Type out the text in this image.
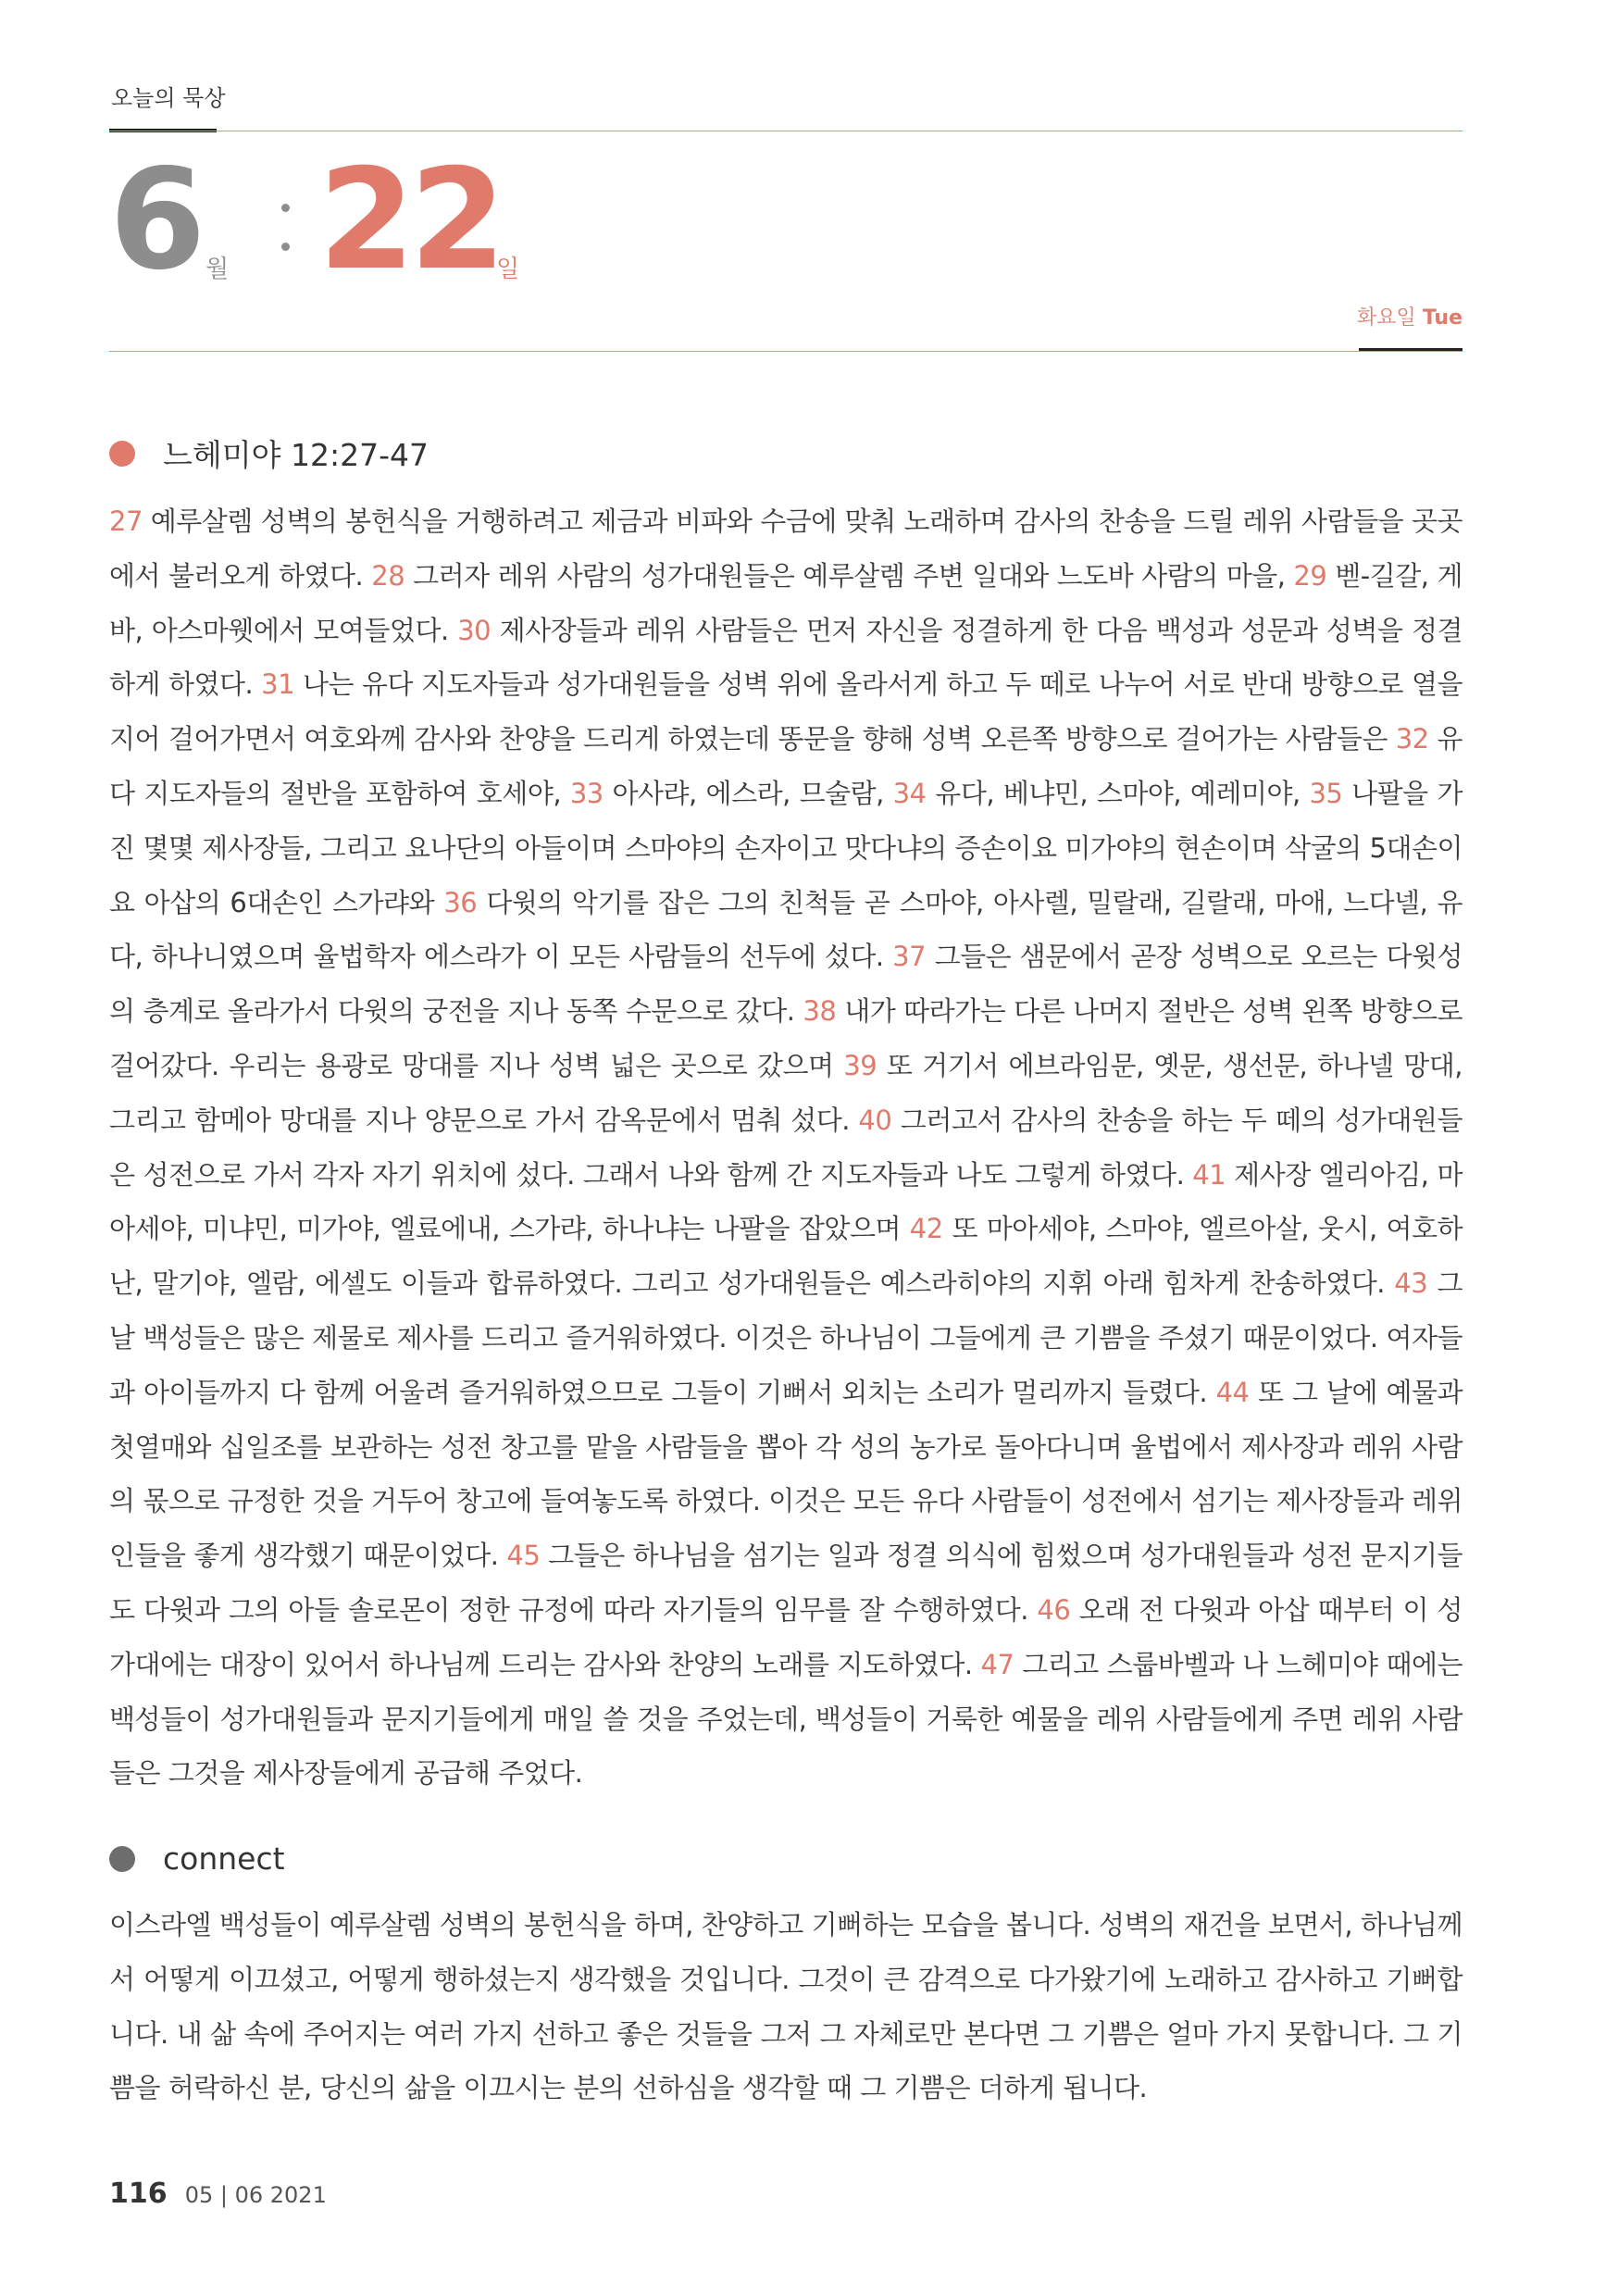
오늘의 묵상
6 월 22
일
화요일 Tue
느헤미야 12:27-47
27 예루살렘 성벽의 봉헌식을 거행하려고 제금과 비파와 수금에 맞춰 노래하며 감사의 찬송을 드릴 레위 사람들을 곳곳에서 불러오게 하였다. 28 그러자 레위 사람의 성가대원들은 예루살렘 주변 일대와 느도바 사람의 마을, 29 벧-길갈, 게바, 아스마웻에서 모여들었다. 30 제사장들과 레위 사람들은 먼저 자신을 정결하게 한 다음 백성과 성문과 성벽을 정결하게 하였다. 31 나는 유다 지도자들과 성가대원들을 성벽 위에 올라서게 하고 두 떼로 나누어 서로 반대 방향으로 열을 지어 걸어가면서 여호와께 감사와 찬양을 드리게 하였는데 똥문을 향해 성벽 오른쪽 방향으로 걸어가는 사람들은 32 유다 지도자들의 절반을 포함하여 호세야, 33 아사랴, 에스라, 므술람, 34 유다, 베냐민, 스마야, 예레미야, 35 나팔을 가진 몇몇 제사장들, 그리고 요나단의 아들이며 스마야의 손자이고 맛다냐의 증손이요 미가야의 현손이며 삭굴의 5대손이요 아삽의 6대손인 스가랴와 36 다윗의 악기를 잡은 그의 친척들 곧 스마야, 아사렐, 밀랄래, 길랄래, 마애, 느다넬, 유다, 하나니였으며 율법학자 에스라가 이 모든 사람들의 선두에 섰다. 37 그들은 샘문에서 곧장 성벽으로 오르는 다윗성의 층계로 올라가서 다윗의 궁전을 지나 동쪽 수문으로 갔다. 38 내가 따라가는 다른 나머지 절반은 성벽 왼쪽 방향으로 걸어갔다. 우리는 용광로 망대를 지나 성벽 넓은 곳으로 갔으며 39 또 거기서 에브라임문, 옛문, 생선문, 하나넬 망대, 그리고 함메아 망대를 지나 양문으로 가서 감옥문에서 멈춰 섰다. 40 그러고서 감사의 찬송을 하는 두 떼의 성가대원들은 성전으로 가서 각자 자기 위치에 섰다. 그래서 나와 함께 간 지도자들과 나도 그렇게 하였다. 41 제사장 엘리아김, 마아세야, 미냐민, 미가야, 엘료에내, 스가랴, 하나냐는 나팔을 잡았으며 42 또 마아세야, 스마야, 엘르아살, 웃시, 여호하난, 말기야, 엘람, 에셀도 이들과 합류하였다. 그리고 성가대원들은 예스라히야의 지휘 아래 힘차게 찬송하였다. 43 그 날 백성들은 많은 제물로 제사를 드리고 즐거워하였다. 이것은 하나님이 그들에게 큰 기쁨을 주셨기 때문이었다. 여자들과 아이들까지 다 함께 어울려 즐거워하였으므로 그들이 기뻐서 외치는 소리가 멀리까지 들렸다. 44 또 그 날에 예물과 첫열매와 십일조를 보관하는 성전 창고를 맡을 사람들을 뽑아 각 성의 농가로 돌아다니며 율법에서 제사장과 레위 사람의 몫으로 규정한 것을 거두어 창고에 들여놓도록 하였다. 이것은 모든 유다 사람들이 성전에서 섬기는 제사장들과 레위인들을 좋게 생각했기 때문이었다. 45 그들은 하나님을 섬기는 일과 정결 의식에 힘썼으며 성가대원들과 성전 문지기들도 다윗과 그의 아들 솔로몬이 정한 규정에 따라 자기들의 임무를 잘 수행하였다. 46 오래 전 다윗과 아삽 때부터 이 성가대에는 대장이 있어서 하나님께 드리는 감사와 찬양의 노래를 지도하였다. 47 그리고 스룹바벨과 나 느헤미야 때에는 백성들이 성가대원들과 문지기들에게 매일 쓸 것을 주었는데, 백성들이 거룩한 예물을 레위 사람들에게 주면 레위 사람들은 그것을 제사장들에게 공급해 주었다.
connect
이스라엘 백성들이 예루살렘 성벽의 봉헌식을 하며, 찬양하고 기뻐하는 모습을 봅니다. 성벽의 재건을 보면서, 하나님께서 어떻게 이끄셨고, 어떻게 행하셨는지 생각했을 것입니다. 그것이 큰 감격으로 다가왔기에 노래하고 감사하고 기뻐합니다. 내 삶 속에 주어지는 여러 가지 선하고 좋은 것들을 그저 그 자체로만 본다면 그 기쁨은 얼마 가지 못합니다. 그 기쁨을 허락하신 분, 당신의 삶을 이끄시는 분의 선하심을 생각할 때 그 기쁨은 더하게 됩니다.
116 05 | 06 2021
